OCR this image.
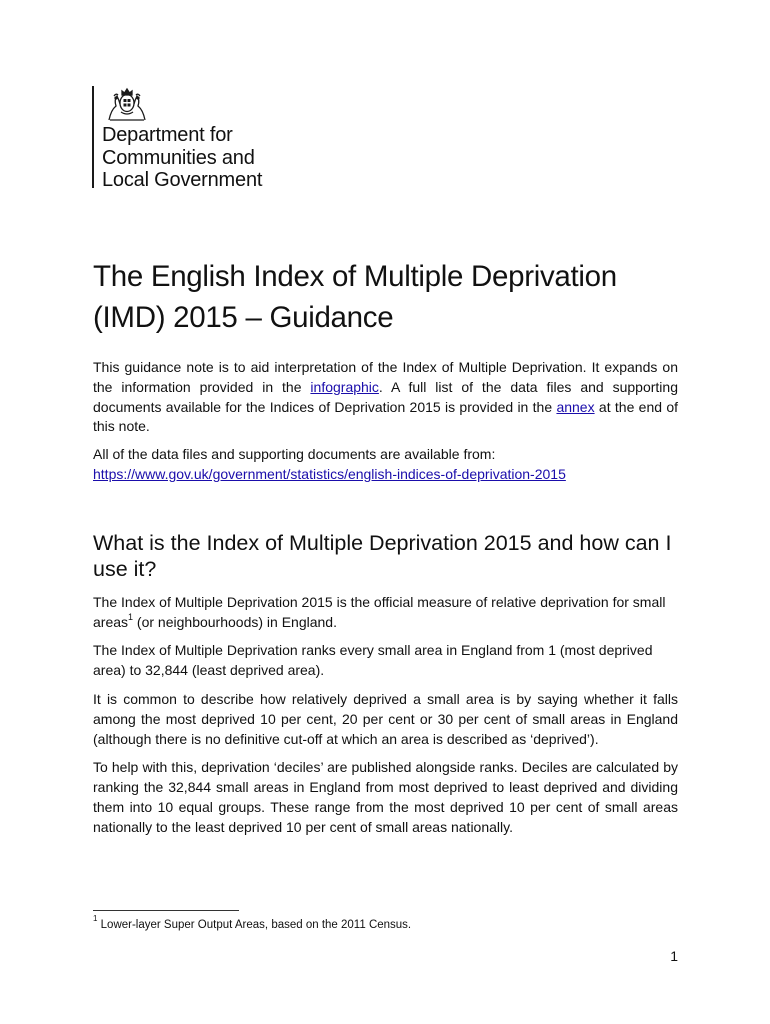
Department for
Communities and
Local Government
The English Index of Multiple Deprivation (IMD) 2015 – Guidance

This guidance note is to aid interpretation of the Index of Multiple Deprivation. It expands on the information provided in the infographic. A full list of the data files and supporting documents available for the Indices of Deprivation 2015 is provided in the annex at the end of this note.

All of the data files and supporting documents are available from:
https://www.gov.uk/government/statistics/english-indices-of-deprivation-2015

What is the Index of Multiple Deprivation 2015 and how can I use it?

The Index of Multiple Deprivation 2015 is the official measure of relative deprivation for small areas$^1$ (or neighbourhoods) in England.

The Index of Multiple Deprivation ranks every small area in England from 1 (most deprived area) to 32,844 (least deprived area).

It is common to describe how relatively deprived a small area is by saying whether it falls among the most deprived 10 per cent, 20 per cent or 30 per cent of small areas in England (although there is no definitive cut-off at which an area is described as ‘deprived’).

To help with this, deprivation ‘deciles’ are published alongside ranks. Deciles are calculated by ranking the 32,844 small areas in England from most deprived to least deprived and dividing them into 10 equal groups. These range from the most deprived 10 per cent of small areas nationally to the least deprived 10 per cent of small areas nationally.

$^1$ Lower-layer Super Output Areas, based on the 2011 Census.
1
